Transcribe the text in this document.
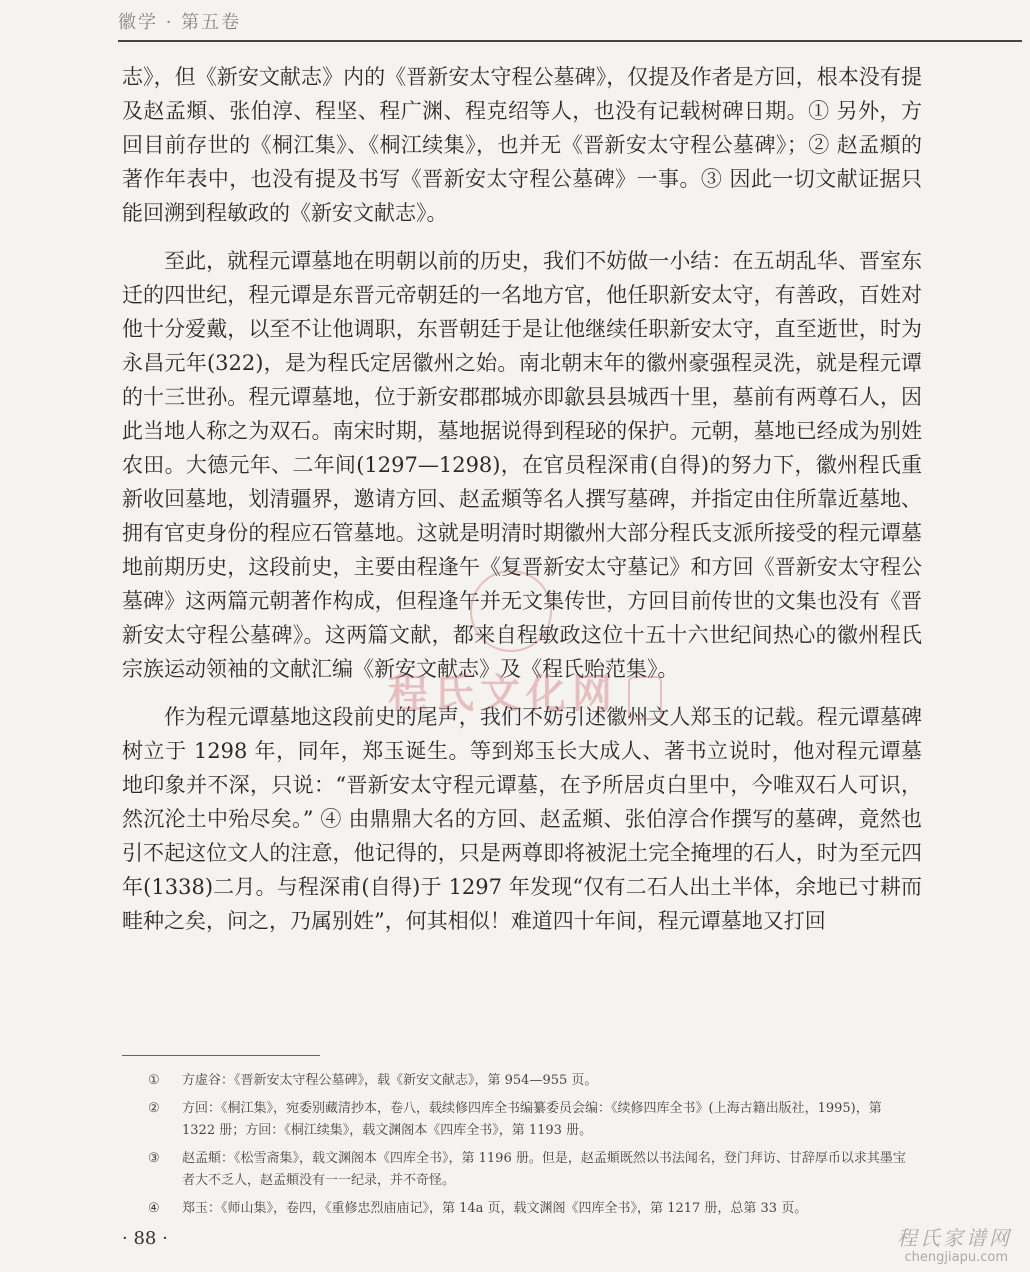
徽学 · 第五卷

志》，但《新安文献志》内的《晋新安太守程公墓碑》，仅提及作者是方回，根本没有提及赵孟頫、张伯淳、程坚、程广渊、程克绍等人，也没有记载树碑日期。① 另外，方回目前存世的《桐江集》、《桐江续集》，也并无《晋新安太守程公墓碑》；② 赵孟頫的著作年表中，也没有提及书写《晋新安太守程公墓碑》一事。③ 因此一切文献证据只能回溯到程敏政的《新安文献志》。

至此，就程元谭墓地在明朝以前的历史，我们不妨做一小结：在五胡乱华、晋室东迁的四世纪，程元谭是东晋元帝朝廷的一名地方官，他任职新安太守，有善政，百姓对他十分爱戴，以至不让他调职，东晋朝廷于是让他继续任职新安太守，直至逝世，时为永昌元年(322)，是为程氏定居徽州之始。南北朝末年的徽州豪强程灵洗，就是程元谭的十三世孙。程元谭墓地，位于新安郡郡城亦即歙县县城西十里，墓前有两尊石人，因此当地人称之为双石。南宋时期，墓地据说得到程珌的保护。元朝，墓地已经成为别姓农田。大德元年、二年间(1297—1298)，在官员程深甫(自得)的努力下，徽州程氏重新收回墓地，划清疆界，邀请方回、赵孟頫等名人撰写墓碑，并指定由住所靠近墓地、拥有官吏身份的程应石管墓地。这就是明清时期徽州大部分程氏支派所接受的程元谭墓地前期历史，这段前史，主要由程逢午《复晋新安太守墓记》和方回《晋新安太守程公墓碑》这两篇元朝著作构成，但程逢午并无文集传世，方回目前传世的文集也没有《晋新安太守程公墓碑》。这两篇文献，都来自程敏政这位十五十六世纪间热心的徽州程氏宗族运动领袖的文献汇编《新安文献志》及《程氏贻范集》。

作为程元谭墓地这段前史的尾声，我们不妨引述徽州文人郑玉的记载。程元谭墓碑树立于 1298 年，同年，郑玉诞生。等到郑玉长大成人、著书立说时，他对程元谭墓地印象并不深，只说：“晋新安太守程元谭墓，在予所居贞白里中，今唯双石人可识，然沉沦土中殆尽矣。” ④ 由鼎鼎大名的方回、赵孟頫、张伯淳合作撰写的墓碑，竟然也引不起这位文人的注意，他记得的，只是两尊即将被泥土完全掩埋的石人，时为至元四年(1338)二月。与程深甫(自得)于 1297 年发现“仅有二石人出土半体，余地已寸耕而畦种之矣，问之，乃属别姓”，何其相似！难道四十年间，程元谭墓地又打回

①	方虚谷：《晋新安太守程公墓碑》，载《新安文献志》，第 954—955 页。
②	方回：《桐江集》，宛委别藏清抄本，卷八，载续修四库全书编纂委员会编：《续修四库全书》(上海古籍出版社，1995)，第 1322 册；方回：《桐江续集》，载文渊阁本《四库全书》，第 1193 册。
③	赵孟頫：《松雪斋集》，载文渊阁本《四库全书》，第 1196 册。但是，赵孟頫既然以书法闻名，登门拜访、甘辞厚币以求其墨宝者大不乏人，赵孟頫没有一一纪录，并不奇怪。
④	郑玉：《师山集》，卷四，《重修忠烈庙庙记》，第 14a 页，载文渊阁《四库全书》，第 1217 册，总第 33 页。
· 88 ·
程氏文化网
程氏家谱网
chengjiapu.com
